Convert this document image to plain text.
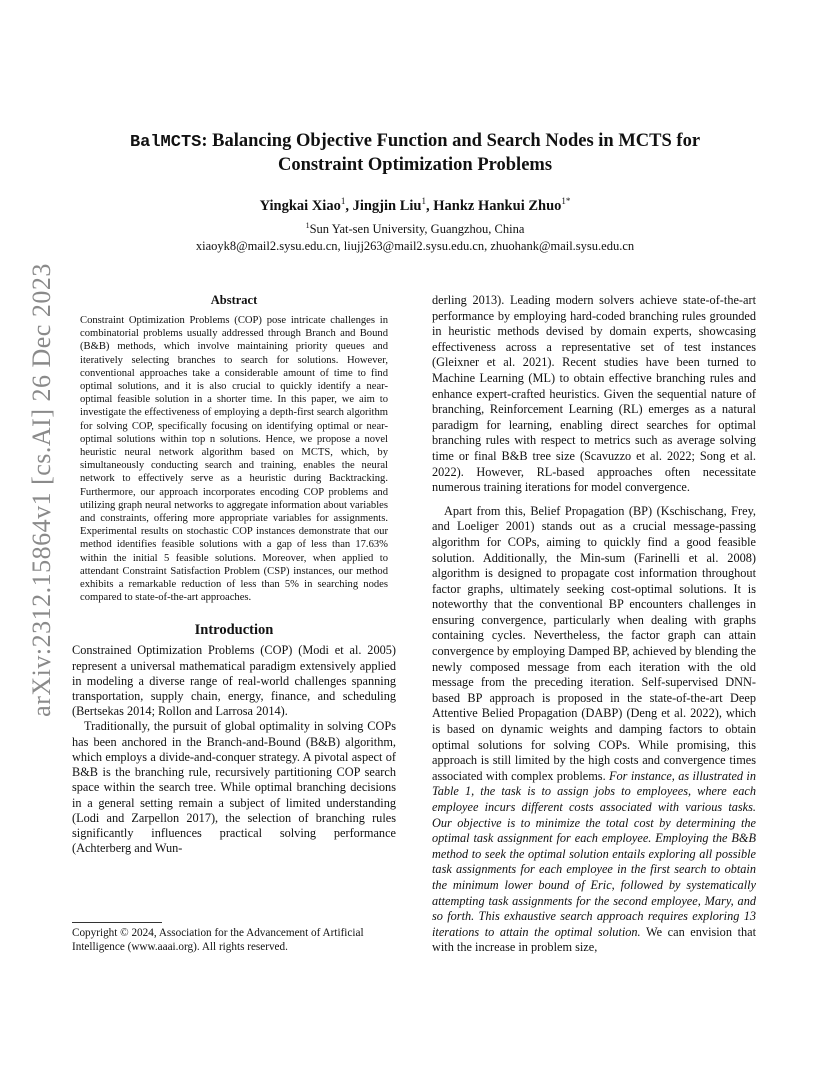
arXiv:2312.15864v1 [cs.AI] 26 Dec 2023

BalMCTS: Balancing Objective Function and Search Nodes in MCTS for
Constraint Optimization Problems

Yingkai Xiao$^1$, Jingjin Liu$^1$, Hankz Hankui Zhuo$^{1*}$
$^1$Sun Yat-sen University, Guangzhou, China
xiaoyk8@mail2.sysu.edu.cn, liujj263@mail2.sysu.edu.cn, zhuohank@mail.sysu.edu.cn
Abstract

Constraint Optimization Problems (COP) pose intricate challenges in combinatorial problems usually addressed through Branch and Bound (B&B) methods, which involve maintaining priority queues and iteratively selecting branches to search for solutions. However, conventional approaches take a considerable amount of time to find optimal solutions, and it is also crucial to quickly identify a near-optimal feasible solution in a shorter time. In this paper, we aim to investigate the effectiveness of employing a depth-first search algorithm for solving COP, specifically focusing on identifying optimal or near-optimal solutions within top n solutions. Hence, we propose a novel heuristic neural network algorithm based on MCTS, which, by simultaneously conducting search and training, enables the neural network to effectively serve as a heuristic during Backtracking. Furthermore, our approach incorporates encoding COP problems and utilizing graph neural networks to aggregate information about variables and constraints, offering more appropriate variables for assignments. Experimental results on stochastic COP instances demonstrate that our method identifies feasible solutions with a gap of less than 17.63% within the initial 5 feasible solutions. Moreover, when applied to attendant Constraint Satisfaction Problem (CSP) instances, our method exhibits a remarkable reduction of less than 5% in searching nodes compared to state-of-the-art approaches.

Introduction

Constrained Optimization Problems (COP) (Modi et al. 2005) represent a universal mathematical paradigm extensively applied in modeling a diverse range of real-world challenges spanning transportation, supply chain, energy, finance, and scheduling (Bertsekas 2014; Rollon and Larrosa 2014).

Traditionally, the pursuit of global optimality in solving COPs has been anchored in the Branch-and-Bound (B&B) algorithm, which employs a divide-and-conquer strategy. A pivotal aspect of B&B is the branching rule, recursively partitioning COP search space within the search tree. While optimal branching decisions in a general setting remain a subject of limited understanding (Lodi and Zarpellon 2017), the selection of branching rules significantly influences practical solving performance (Achterberg and Wun-

derling 2013). Leading modern solvers achieve state-of-the-art performance by employing hard-coded branching rules grounded in heuristic methods devised by domain experts, showcasing effectiveness across a representative set of test instances (Gleixner et al. 2021). Recent studies have been turned to Machine Learning (ML) to obtain effective branching rules and enhance expert-crafted heuristics. Given the sequential nature of branching, Reinforcement Learning (RL) emerges as a natural paradigm for learning, enabling direct searches for optimal branching rules with respect to metrics such as average solving time or final B&B tree size (Scavuzzo et al. 2022; Song et al. 2022). However, RL-based approaches often necessitate numerous training iterations for model convergence.

Apart from this, Belief Propagation (BP) (Kschischang, Frey, and Loeliger 2001) stands out as a crucial message-passing algorithm for COPs, aiming to quickly find a good feasible solution. Additionally, the Min-sum (Farinelli et al. 2008) algorithm is designed to propagate cost information throughout factor graphs, ultimately seeking cost-optimal solutions. It is noteworthy that the conventional BP encounters challenges in ensuring convergence, particularly when dealing with graphs containing cycles. Nevertheless, the factor graph can attain convergence by employing Damped BP, achieved by blending the newly composed message from each iteration with the old message from the preceding iteration. Self-supervised DNN-based BP approach is proposed in the state-of-the-art Deep Attentive Belied Propagation (DABP) (Deng et al. 2022), which is based on dynamic weights and damping factors to obtain optimal solutions for solving COPs. While promising, this approach is still limited by the high costs and convergence times associated with complex problems. For instance, as illustrated in Table 1, the task is to assign jobs to employees, where each employee incurs different costs associated with various tasks. Our objective is to minimize the total cost by determining the optimal task assignment for each employee. Employing the B&B method to seek the optimal solution entails exploring all possible task assignments for each employee in the first search to obtain the minimum lower bound of Eric, followed by systematically attempting task assignments for the second employee, Mary, and so forth. This exhaustive search approach requires exploring 13 iterations to attain the optimal solution. We can envision that with the increase in problem size,

Copyright © 2024, Association for the Advancement of Artificial Intelligence (www.aaai.org). All rights reserved.
